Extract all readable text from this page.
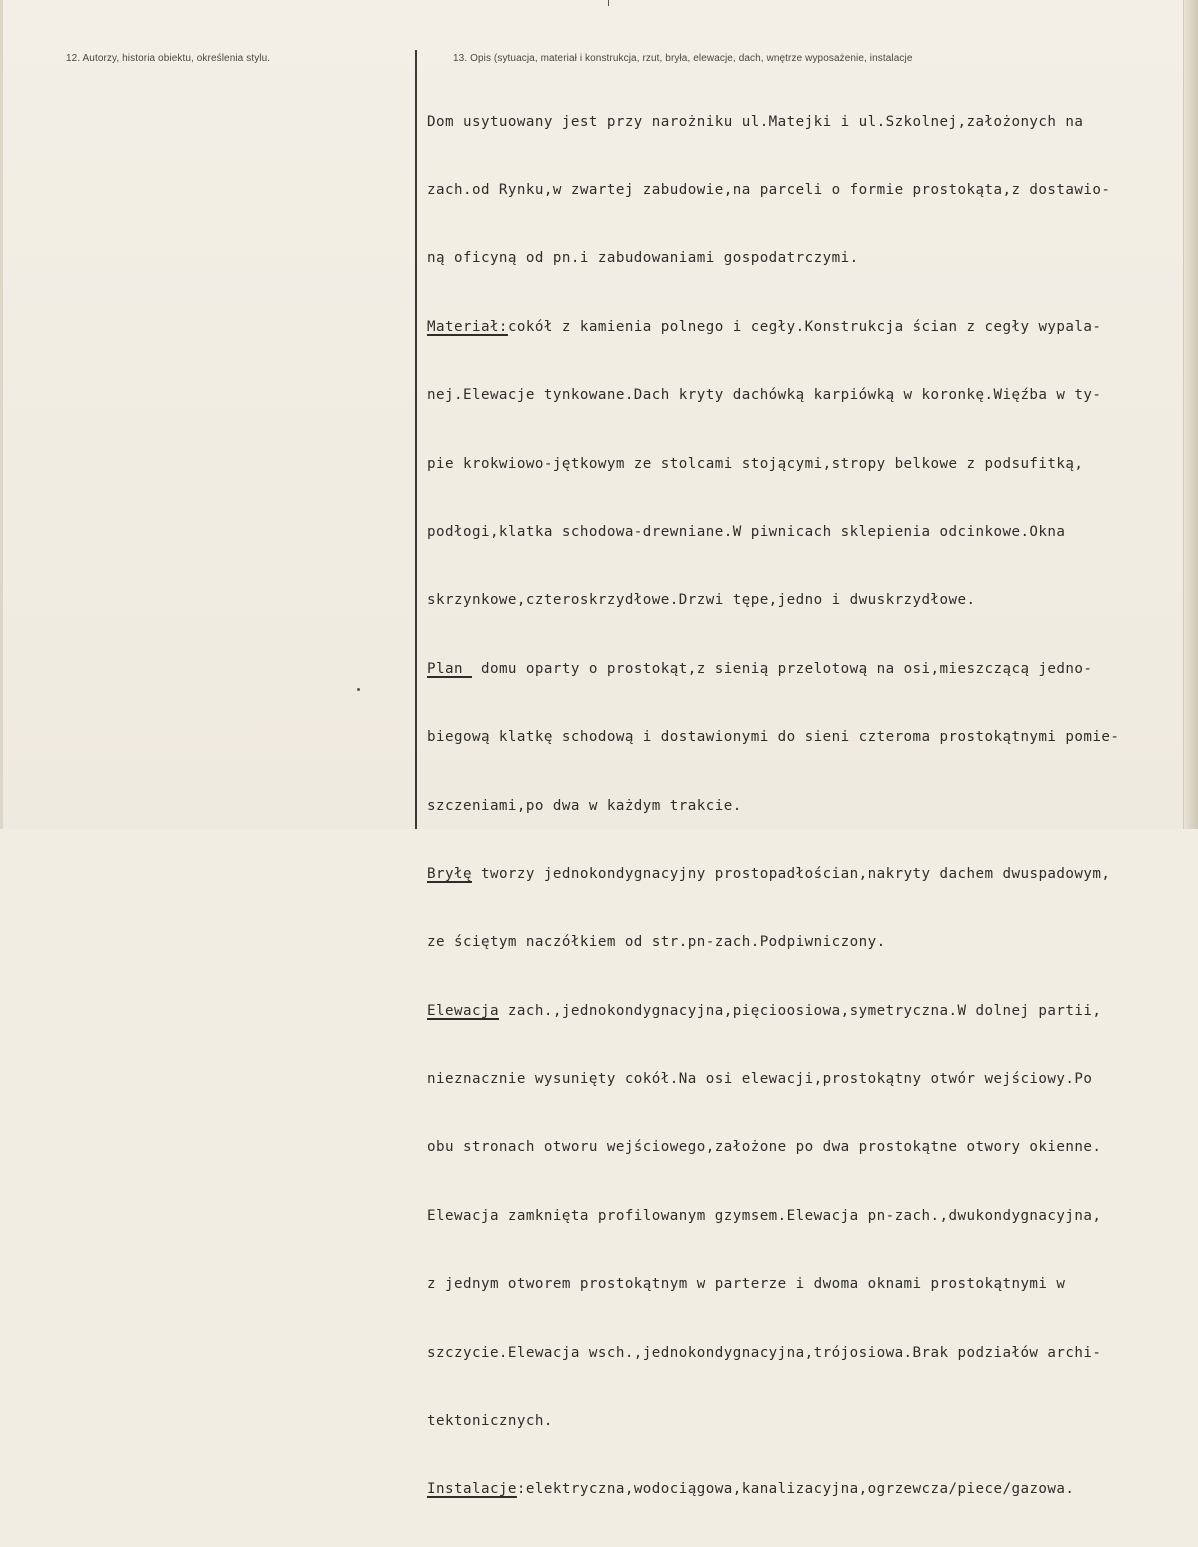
12. Autorzy, historia obiektu, określenia stylu.	13. Opis (sytuacja, materiał i konstrukcja, rzut, bryła, elewacje, dach, wnętrze wyposażenie, instalacje

Dom usytuowany jest przy narożniku ul.Matejki i ul.Szkolnej,założonych na

zach.od Rynku,w zwartej zabudowie,na parceli o formie prostokąta,z dostawio-

ną oficyną od pn.i zabudowaniami gospodatrczymi.

Materiał:cokół z kamienia polnego i cegły.Konstrukcja ścian z cegły wypala-

nej.Elewacje tynkowane.Dach kryty dachówką karpiówką w koronkę.Więźba w ty-

pie krokwiowo-jętkowym ze stolcami stojącymi,stropy belkowe z podsufitką,

podłogi,klatka schodowa-drewniane.W piwnicach sklepienia odcinkowe.Okna

skrzynkowe,czteroskrzydłowe.Drzwi tępe,jedno i dwuskrzydłowe.

Plan  domu oparty o prostokąt,z sienią przelotową na osi,mieszczącą jedno-

biegową klatkę schodową i dostawionymi do sieni czteroma prostokątnymi pomie-

szczeniami,po dwa w każdym trakcie.

Bryłę tworzy jednokondygnacyjny prostopadłościan,nakryty dachem dwuspadowym,

ze ściętym naczółkiem od str.pn-zach.Podpiwniczony.

Elewacja zach.,jednokondygnacyjna,pięcioosiowa,symetryczna.W dolnej partii,

nieznacznie wysunięty cokół.Na osi elewacji,prostokątny otwór wejściowy.Po

obu stronach otworu wejściowego,założone po dwa prostokątne otwory okienne.

Elewacja zamknięta profilowanym gzymsem.Elewacja pn-zach.,dwukondygnacyjna,

z jednym otworem prostokątnym w parterze i dwoma oknami prostokątnymi w

szczycie.Elewacja wsch.,jednokondygnacyjna,trójosiowa.Brak podziałów archi-

tektonicznych.

Instalacje:elektryczna,wodociągowa,kanalizacyjna,ogrzewcza/piece/gazowa.
